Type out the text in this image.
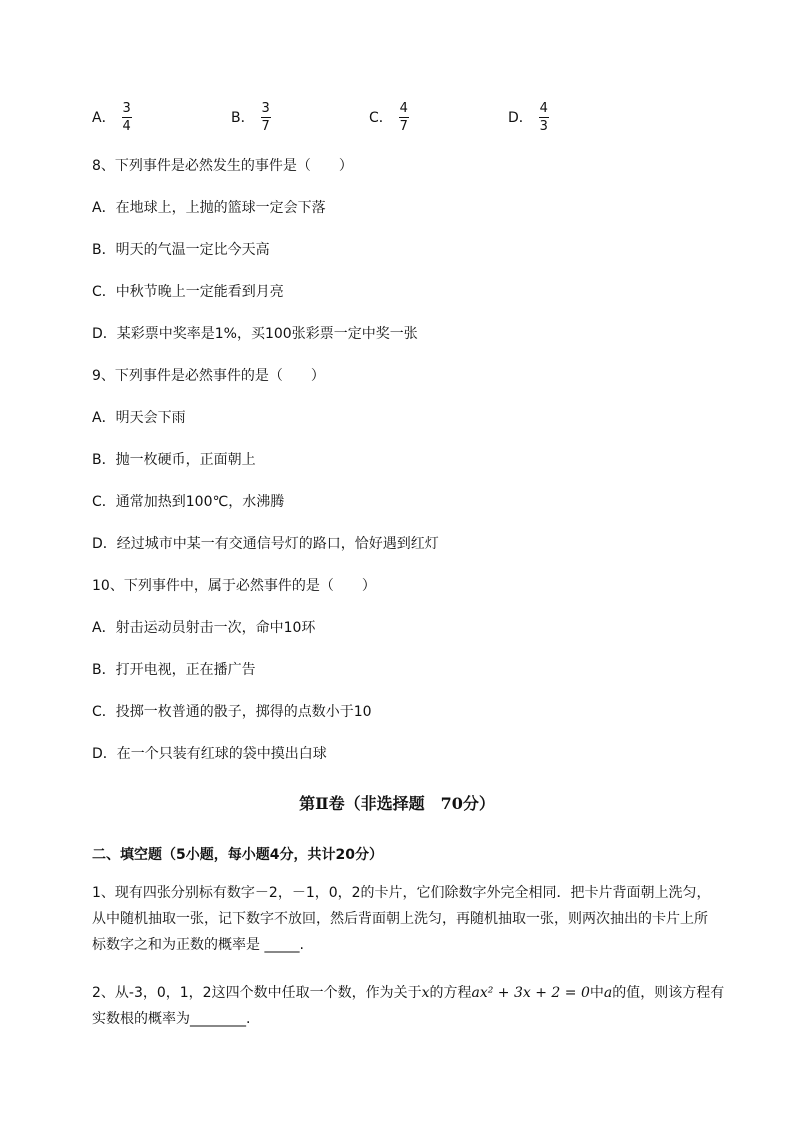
A． $\frac{3}{4}$	B． $\frac{3}{7}$	C． $\frac{4}{7}$	D． $\frac{4}{3}$
8、下列事件是必然发生的事件是（　　）
A．在地球上，上抛的篮球一定会下落
B．明天的气温一定比今天高
C．中秋节晚上一定能看到月亮
D．某彩票中奖率是1%，买100张彩票一定中奖一张
9、下列事件是必然事件的是（　　）
A．明天会下雨
B．抛一枚硬币，正面朝上
C．通常加热到100℃，水沸腾
D．经过城市中某一有交通信号灯的路口，恰好遇到红灯
10、下列事件中，属于必然事件的是（　　）
A．射击运动员射击一次，命中10环
B．打开电视，正在播广告
C．投掷一枚普通的骰子，掷得的点数小于10
D．在一个只装有红球的袋中摸出白球
第Ⅱ卷（非选择题　70分）
二、填空题（5小题，每小题4分，共计20分）
1、现有四张分别标有数字－2，－1，0，2的卡片，它们除数字外完全相同．把卡片背面朝上洗匀，
从中随机抽取一张，记下数字不放回，然后背面朝上洗匀，再随机抽取一张，则两次抽出的卡片上所
标数字之和为正数的概率是 _____.
2、从-3，0，1，2这四个数中任取一个数，作为关于x的方程ax² + 3x + 2 = 0中a的值，则该方程有
实数根的概率为________.
